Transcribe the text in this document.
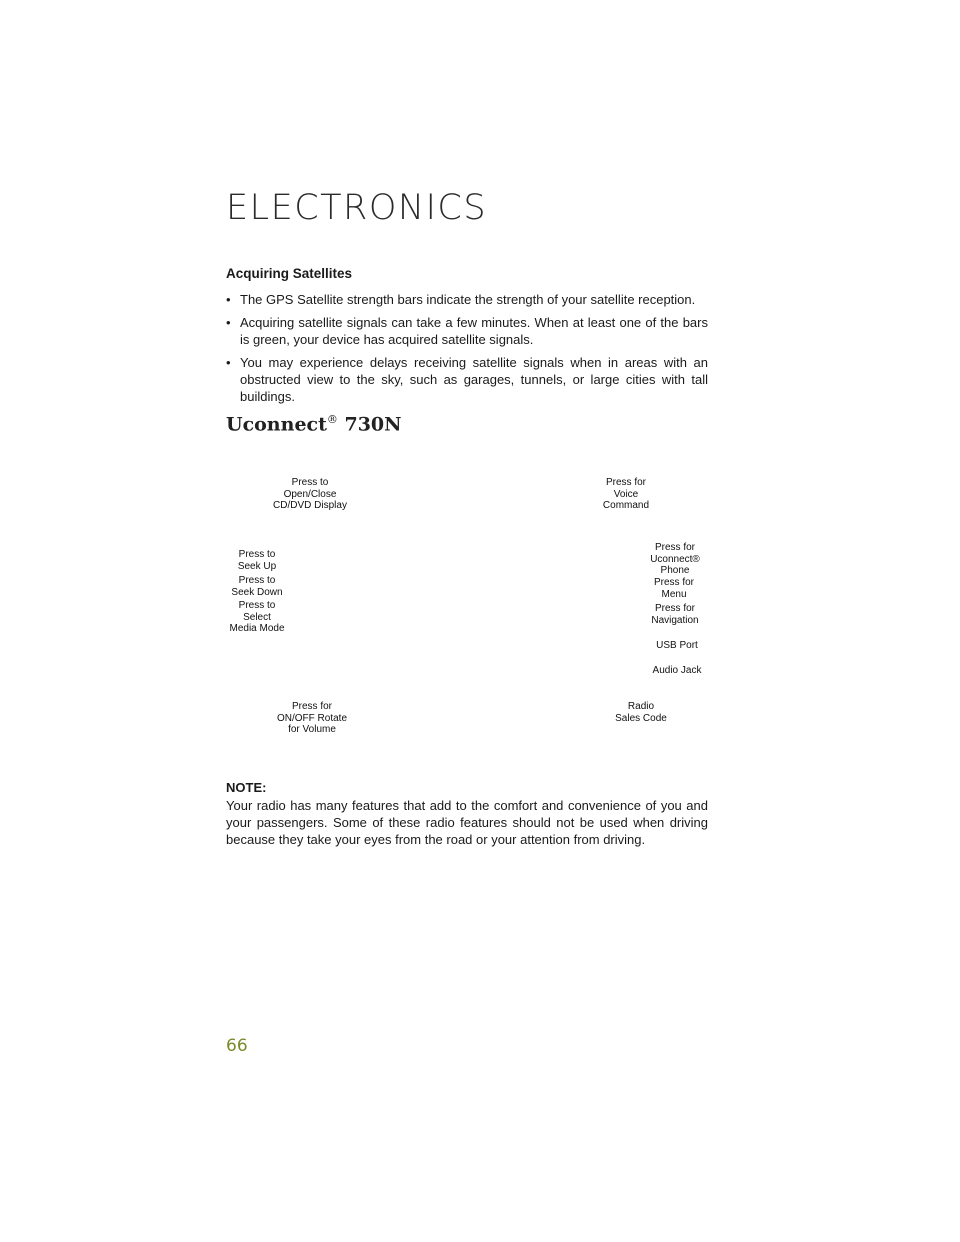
ELECTRONICS

Acquiring Satellites

• The GPS Satellite strength bars indicate the strength of your satellite reception.
• Acquiring satellite signals can take a few minutes. When at least one of the bars is green, your device has acquired satellite signals.
• You may experience delays receiving satellite signals when in areas with an obstructed view to the sky, such as garages, tunnels, or large cities with tall buildings.
Uconnect® 730N
Press to
Open/Close
CD/DVD Display
Press for
Voice
Command
Press to
Seek Up
Press to
Seek Down
Press to
Select
Media Mode
Press for
Uconnect®
Phone
Press for
Menu
Press for
Navigation
USB Port
Audio Jack
Press for
ON/OFF Rotate
for Volume
Radio
Sales Code

NOTE:

Your radio has many features that add to the comfort and convenience of you and your passengers. Some of these radio features should not be used when driving because they take your eyes from the road or your attention from driving.

66
